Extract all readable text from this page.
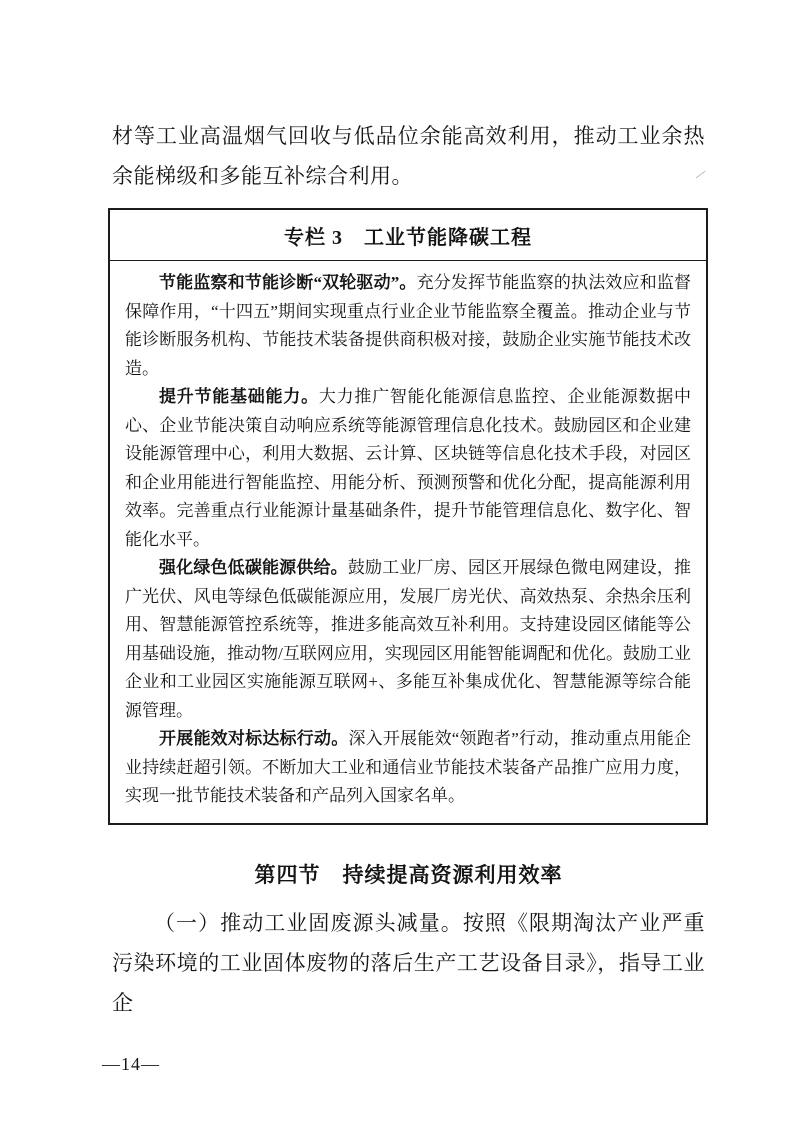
材等工业高温烟气回收与低品位余能高效利用，推动工业余热余能梯级和多能互补综合利用。	⁄
专栏 3　工业节能降碳工程

节能监察和节能诊断“双轮驱动”。充分发挥节能监察的执法效应和监督保障作用，“十四五”期间实现重点行业企业节能监察全覆盖。推动企业与节能诊断服务机构、节能技术装备提供商积极对接，鼓励企业实施节能技术改造。

提升节能基础能力。大力推广智能化能源信息监控、企业能源数据中心、企业节能决策自动响应系统等能源管理信息化技术。鼓励园区和企业建设能源管理中心，利用大数据、云计算、区块链等信息化技术手段，对园区和企业用能进行智能监控、用能分析、预测预警和优化分配，提高能源利用效率。完善重点行业能源计量基础条件，提升节能管理信息化、数字化、智能化水平。

强化绿色低碳能源供给。鼓励工业厂房、园区开展绿色微电网建设，推广光伏、风电等绿色低碳能源应用，发展厂房光伏、高效热泵、余热余压利用、智慧能源管控系统等，推进多能高效互补利用。支持建设园区储能等公用基础设施，推动物/互联网应用，实现园区用能智能调配和优化。鼓励工业企业和工业园区实施能源互联网+、多能互补集成优化、智慧能源等综合能源管理。

开展能效对标达标行动。深入开展能效“领跑者”行动，推动重点用能企业持续赶超引领。不断加大工业和通信业节能技术装备产品推广应用力度，实现一批节能技术装备和产品列入国家名单。

第四节　持续提高资源利用效率

（一）推动工业固废源头减量。按照《限期淘汰产业严重污染环境的工业固体废物的落后生产工艺设备目录》，指导工业企

—14—
